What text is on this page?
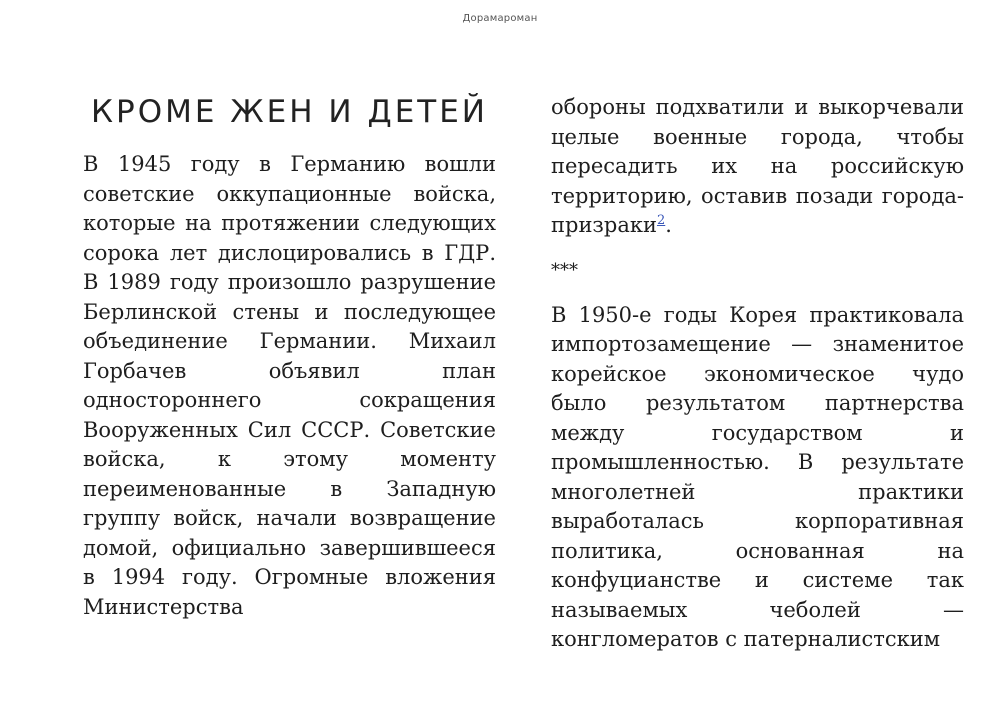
Дорамароман
КРОМЕ ЖЕН И ДЕТЕЙ

В 1945 году в Германию вошли советские оккупационные войска, которые на протяжении следующих сорока лет дислоцировались в ГДР. В 1989 году произошло разрушение Берлинской стены и последующее объединение Германии. Михаил Горбачев объявил план одностороннего сокращения Вооруженных Сил СССР. Советские войска, к этому моменту переименованные в Западную группу войск, начали возвращение домой, официально завершившееся в 1994 году. Огромные вложения Министерства

обороны подхватили и выкорчевали целые военные города, чтобы пересадить их на российскую территорию, оставив позади города-призраки$^2$.

***

В 1950-е годы Корея практиковала импортозамещение — знаменитое корейское экономическое чудо было результатом партнерства между государством и промышленностью. В результате многолетней практики выработалась корпоративная политика, основанная на конфуцианстве и системе так называемых чеболей — конгломератов с патерналистским
